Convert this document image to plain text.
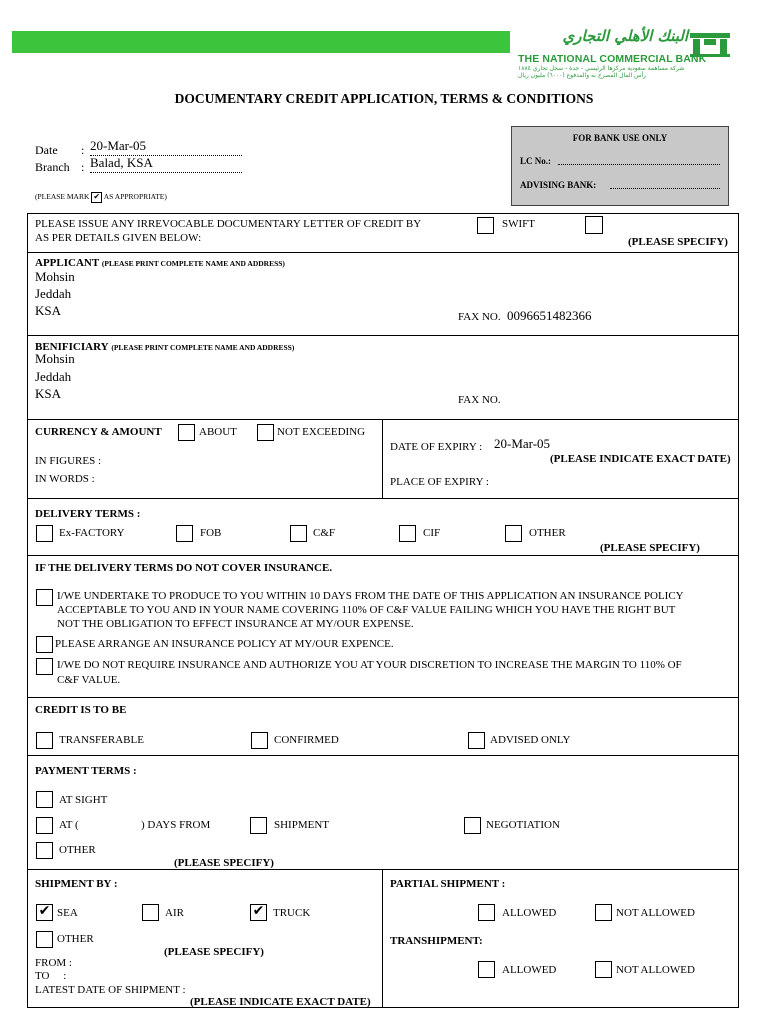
البنك الأهلي التجاري
THE NATIONAL COMMERCIAL BANK
شركة مساهمة سعودية مركزها الرئيسي - جدة - سجل تجاري ١٨٨٤
رأس المال المصرح به والمدفوع (٦٠٠٠) مليون ريال
DOCUMENTARY CREDIT APPLICATION, TERMS & CONDITIONS
Date : 20-Mar-05
Branch : Balad, KSA
(PLEASE MARK ✔ AS APPROPRIATE)
FOR BANK USE ONLY
LC No.:
ADVISING BANK:
PLEASE ISSUE ANY IRREVOCABLE DOCUMENTARY LETTER OF CREDIT BY
AS PER DETAILS GIVEN BELOW:
SWIFT
(PLEASE SPECIFY)
APPLICANT (PLEASE PRINT COMPLETE NAME AND ADDRESS)
Mohsin
Jeddah
KSA	FAX NO. 0096651482366
BENIFICIARY (PLEASE PRINT COMPLETE NAME AND ADDRESS)
Mohsin
Jeddah
KSA	FAX NO.
CURRENCY & AMOUNT	ABOUT	NOT EXCEEDING
IN FIGURES :
IN WORDS :
DATE OF EXPIRY : 20-Mar-05
(PLEASE INDICATE EXACT DATE)
PLACE OF EXPIRY :
DELIVERY TERMS :
Ex-FACTORY	FOB	C&F	CIF	OTHER
(PLEASE SPECIFY)
IF THE DELIVERY TERMS DO NOT COVER INSURANCE.
I/WE UNDERTAKE TO PRODUCE TO YOU WITHIN 10 DAYS FROM THE DATE OF THIS APPLICATION AN INSURANCE POLICY
ACCEPTABLE TO YOU AND IN YOUR NAME COVERING 110% OF C&F VALUE FAILING WHICH YOU HAVE THE RIGHT BUT
NOT THE OBLIGATION TO EFFECT INSURANCE AT MY/OUR EXPENSE.
PLEASE ARRANGE AN INSURANCE POLICY AT MY/OUR EXPENCE.
I/WE DO NOT REQUIRE INSURANCE AND AUTHORIZE YOU AT YOUR DISCRETION TO INCREASE THE MARGIN TO 110% OF
C&F VALUE.
CREDIT IS TO BE
TRANSFERABLE	CONFIRMED	ADVISED ONLY
PAYMENT TERMS :
AT SIGHT
AT (	) DAYS FROM	SHIPMENT	NEGOTIATION
OTHER
(PLEASE SPECIFY)
SHIPMENT BY :
✔ SEA	AIR	✔ TRUCK
OTHER
(PLEASE SPECIFY)
FROM :
TO     :
LATEST DATE OF SHIPMENT :
(PLEASE INDICATE EXACT DATE)
PARTIAL SHIPMENT :
ALLOWED	NOT ALLOWED
TRANSHIPMENT:
ALLOWED	NOT ALLOWED
